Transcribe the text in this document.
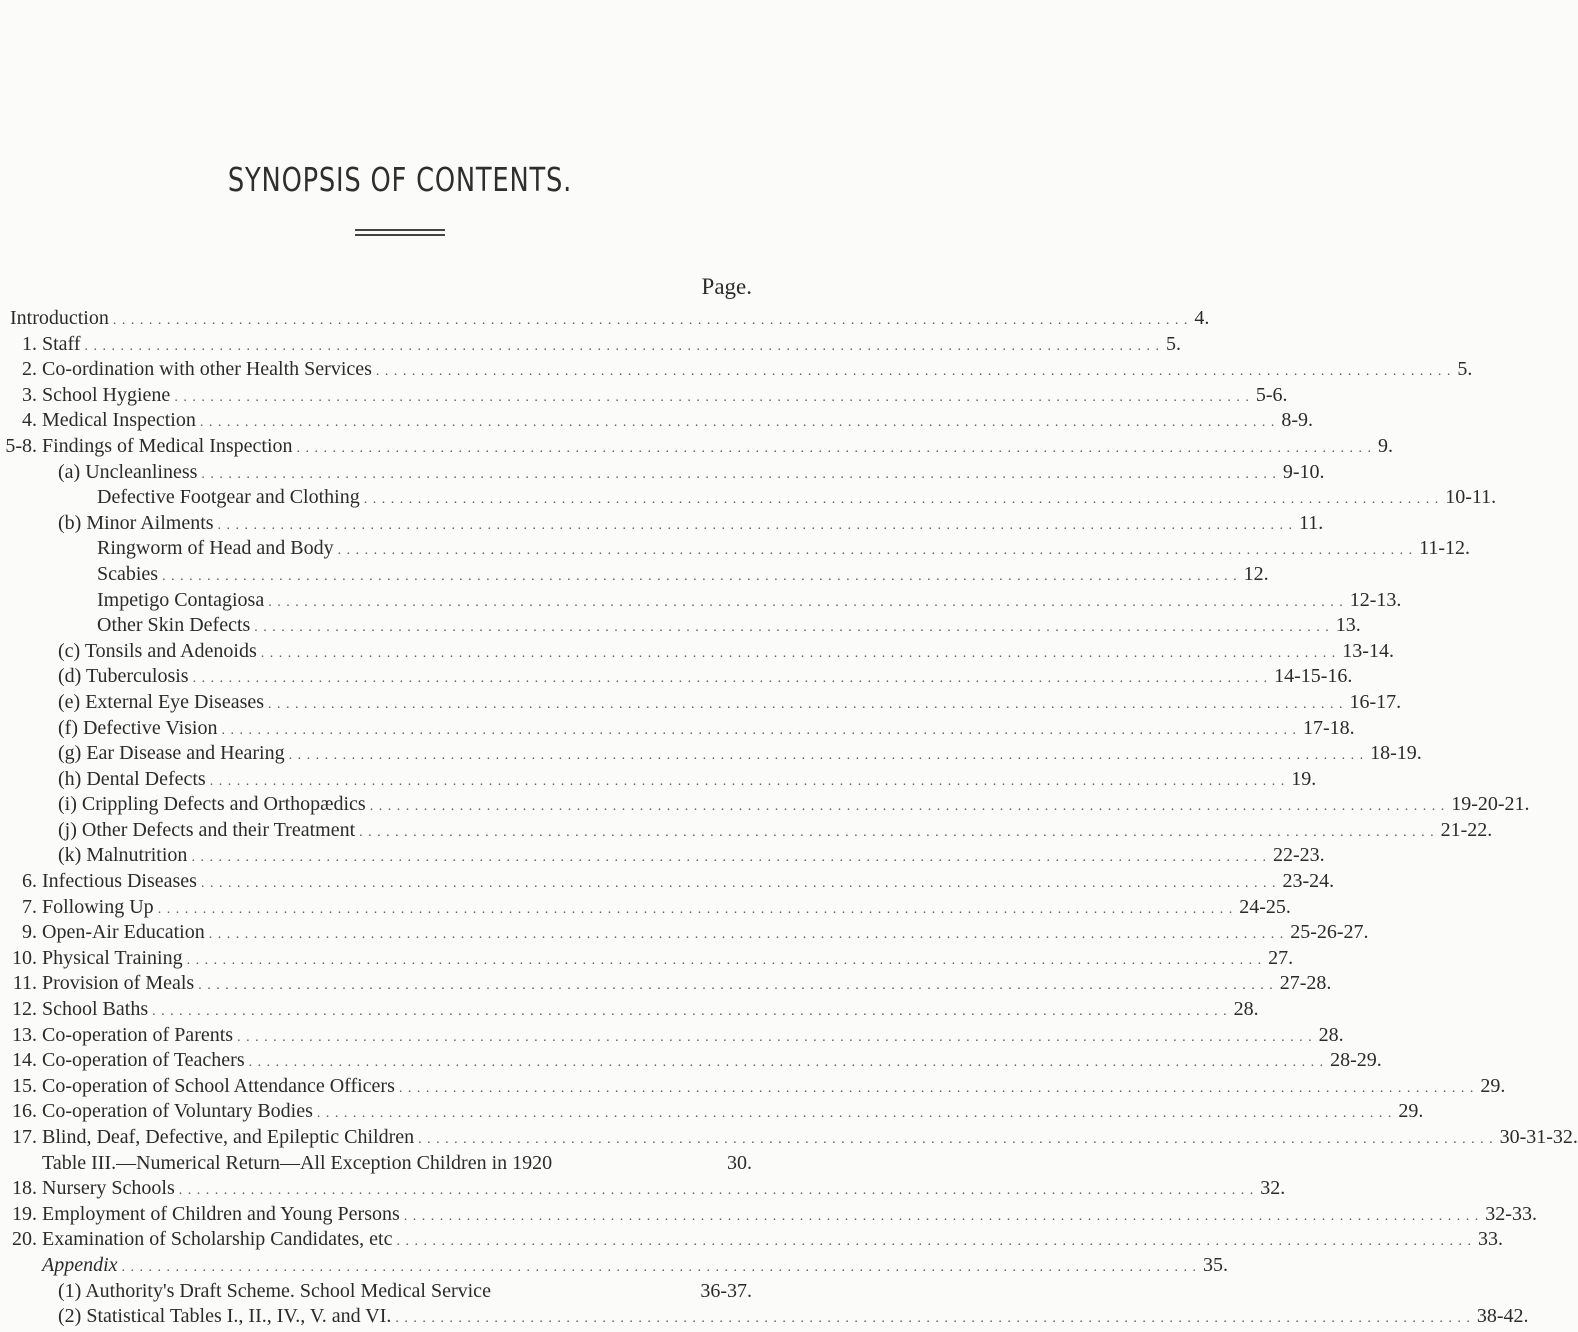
SYNOPSIS OF CONTENTS.
Page.
Introduction . . . . . . . . . . . . . . . . . . . . . . . . . . . . . . . . . . . . . . . . . . . . . . . . . . . . . . . . . . . . . . . . . . . . . . . . . . . . . . . . . . . . . . . . . . . . . . . . . . . . . . . . . . . . . . . . . . . . . . . . 4.
1. Staff . . . . . . . . . . . . . . . . . . . . . . . . . . . . . . . . . . . . . . . . . . . . . . . . . . . . . . . . . . . . . . . . . . . . . . . . . . . . . . . . . . . . . . . . . . . . . . . . . . . . . . . . . . . . . . . . . . . . . . . . 5.
2. Co-ordination with other Health Services . . . . . . . . . . . . . . . . . . . . . . . . . . . . . . . . . . . . . . . . . . . . . . . . . . . . . . . . . . . . . . . . . . . . . . . . . . . . . . . . . . . . . . . . . . . . . . . . . . . . . . . . . . . . . . . . . . . . . . . . 5.
3. School Hygiene . . . . . . . . . . . . . . . . . . . . . . . . . . . . . . . . . . . . . . . . . . . . . . . . . . . . . . . . . . . . . . . . . . . . . . . . . . . . . . . . . . . . . . . . . . . . . . . . . . . . . . . . . . . . . . . . . . . . . . . . 5-6.
4. Medical Inspection . . . . . . . . . . . . . . . . . . . . . . . . . . . . . . . . . . . . . . . . . . . . . . . . . . . . . . . . . . . . . . . . . . . . . . . . . . . . . . . . . . . . . . . . . . . . . . . . . . . . . . . . . . . . . . . . . . . . . . . . 8-9.
5-8. Findings of Medical Inspection . . . . . . . . . . . . . . . . . . . . . . . . . . . . . . . . . . . . . . . . . . . . . . . . . . . . . . . . . . . . . . . . . . . . . . . . . . . . . . . . . . . . . . . . . . . . . . . . . . . . . . . . . . . . . . . . . . . . . . . . 9.
(a) Uncleanliness . . . . . . . . . . . . . . . . . . . . . . . . . . . . . . . . . . . . . . . . . . . . . . . . . . . . . . . . . . . . . . . . . . . . . . . . . . . . . . . . . . . . . . . . . . . . . . . . . . . . . . . . . . . . . . . . . . . . . . . . 9-10.
Defective Footgear and Clothing . . . . . . . . . . . . . . . . . . . . . . . . . . . . . . . . . . . . . . . . . . . . . . . . . . . . . . . . . . . . . . . . . . . . . . . . . . . . . . . . . . . . . . . . . . . . . . . . . . . . . . . . . . . . . . . . . . . . . . . . 10-11.
(b) Minor Ailments . . . . . . . . . . . . . . . . . . . . . . . . . . . . . . . . . . . . . . . . . . . . . . . . . . . . . . . . . . . . . . . . . . . . . . . . . . . . . . . . . . . . . . . . . . . . . . . . . . . . . . . . . . . . . . . . . . . . . . . . 11.
Ringworm of Head and Body . . . . . . . . . . . . . . . . . . . . . . . . . . . . . . . . . . . . . . . . . . . . . . . . . . . . . . . . . . . . . . . . . . . . . . . . . . . . . . . . . . . . . . . . . . . . . . . . . . . . . . . . . . . . . . . . . . . . . . . . 11-12.
Scabies . . . . . . . . . . . . . . . . . . . . . . . . . . . . . . . . . . . . . . . . . . . . . . . . . . . . . . . . . . . . . . . . . . . . . . . . . . . . . . . . . . . . . . . . . . . . . . . . . . . . . . . . . . . . . . . . . . . . . . . . 12.
Impetigo Contagiosa . . . . . . . . . . . . . . . . . . . . . . . . . . . . . . . . . . . . . . . . . . . . . . . . . . . . . . . . . . . . . . . . . . . . . . . . . . . . . . . . . . . . . . . . . . . . . . . . . . . . . . . . . . . . . . . . . . . . . . . . 12-13.
Other Skin Defects . . . . . . . . . . . . . . . . . . . . . . . . . . . . . . . . . . . . . . . . . . . . . . . . . . . . . . . . . . . . . . . . . . . . . . . . . . . . . . . . . . . . . . . . . . . . . . . . . . . . . . . . . . . . . . . . . . . . . . . . 13.
(c) Tonsils and Adenoids . . . . . . . . . . . . . . . . . . . . . . . . . . . . . . . . . . . . . . . . . . . . . . . . . . . . . . . . . . . . . . . . . . . . . . . . . . . . . . . . . . . . . . . . . . . . . . . . . . . . . . . . . . . . . . . . . . . . . . . . 13-14.
(d) Tuberculosis . . . . . . . . . . . . . . . . . . . . . . . . . . . . . . . . . . . . . . . . . . . . . . . . . . . . . . . . . . . . . . . . . . . . . . . . . . . . . . . . . . . . . . . . . . . . . . . . . . . . . . . . . . . . . . . . . . . . . . . . 14-15-16.
(e) External Eye Diseases . . . . . . . . . . . . . . . . . . . . . . . . . . . . . . . . . . . . . . . . . . . . . . . . . . . . . . . . . . . . . . . . . . . . . . . . . . . . . . . . . . . . . . . . . . . . . . . . . . . . . . . . . . . . . . . . . . . . . . . . 16-17.
(f) Defective Vision . . . . . . . . . . . . . . . . . . . . . . . . . . . . . . . . . . . . . . . . . . . . . . . . . . . . . . . . . . . . . . . . . . . . . . . . . . . . . . . . . . . . . . . . . . . . . . . . . . . . . . . . . . . . . . . . . . . . . . . . 17-18.
(g) Ear Disease and Hearing . . . . . . . . . . . . . . . . . . . . . . . . . . . . . . . . . . . . . . . . . . . . . . . . . . . . . . . . . . . . . . . . . . . . . . . . . . . . . . . . . . . . . . . . . . . . . . . . . . . . . . . . . . . . . . . . . . . . . . . . 18-19.
(h) Dental Defects . . . . . . . . . . . . . . . . . . . . . . . . . . . . . . . . . . . . . . . . . . . . . . . . . . . . . . . . . . . . . . . . . . . . . . . . . . . . . . . . . . . . . . . . . . . . . . . . . . . . . . . . . . . . . . . . . . . . . . . . 19.
(i) Crippling Defects and Orthopædics . . . . . . . . . . . . . . . . . . . . . . . . . . . . . . . . . . . . . . . . . . . . . . . . . . . . . . . . . . . . . . . . . . . . . . . . . . . . . . . . . . . . . . . . . . . . . . . . . . . . . . . . . . . . . . . . . . . . . . . . 19-20-21.
(j) Other Defects and their Treatment . . . . . . . . . . . . . . . . . . . . . . . . . . . . . . . . . . . . . . . . . . . . . . . . . . . . . . . . . . . . . . . . . . . . . . . . . . . . . . . . . . . . . . . . . . . . . . . . . . . . . . . . . . . . . . . . . . . . . . . . 21-22.
(k) Malnutrition . . . . . . . . . . . . . . . . . . . . . . . . . . . . . . . . . . . . . . . . . . . . . . . . . . . . . . . . . . . . . . . . . . . . . . . . . . . . . . . . . . . . . . . . . . . . . . . . . . . . . . . . . . . . . . . . . . . . . . . . 22-23.
6. Infectious Diseases . . . . . . . . . . . . . . . . . . . . . . . . . . . . . . . . . . . . . . . . . . . . . . . . . . . . . . . . . . . . . . . . . . . . . . . . . . . . . . . . . . . . . . . . . . . . . . . . . . . . . . . . . . . . . . . . . . . . . . . . 23-24.
7. Following Up . . . . . . . . . . . . . . . . . . . . . . . . . . . . . . . . . . . . . . . . . . . . . . . . . . . . . . . . . . . . . . . . . . . . . . . . . . . . . . . . . . . . . . . . . . . . . . . . . . . . . . . . . . . . . . . . . . . . . . . . 24-25.
9. Open-Air Education . . . . . . . . . . . . . . . . . . . . . . . . . . . . . . . . . . . . . . . . . . . . . . . . . . . . . . . . . . . . . . . . . . . . . . . . . . . . . . . . . . . . . . . . . . . . . . . . . . . . . . . . . . . . . . . . . . . . . . . . 25-26-27.
10. Physical Training . . . . . . . . . . . . . . . . . . . . . . . . . . . . . . . . . . . . . . . . . . . . . . . . . . . . . . . . . . . . . . . . . . . . . . . . . . . . . . . . . . . . . . . . . . . . . . . . . . . . . . . . . . . . . . . . . . . . . . . . 27.
11. Provision of Meals . . . . . . . . . . . . . . . . . . . . . . . . . . . . . . . . . . . . . . . . . . . . . . . . . . . . . . . . . . . . . . . . . . . . . . . . . . . . . . . . . . . . . . . . . . . . . . . . . . . . . . . . . . . . . . . . . . . . . . . . 27-28.
12. School Baths . . . . . . . . . . . . . . . . . . . . . . . . . . . . . . . . . . . . . . . . . . . . . . . . . . . . . . . . . . . . . . . . . . . . . . . . . . . . . . . . . . . . . . . . . . . . . . . . . . . . . . . . . . . . . . . . . . . . . . . . 28.
13. Co-operation of Parents . . . . . . . . . . . . . . . . . . . . . . . . . . . . . . . . . . . . . . . . . . . . . . . . . . . . . . . . . . . . . . . . . . . . . . . . . . . . . . . . . . . . . . . . . . . . . . . . . . . . . . . . . . . . . . . . . . . . . . . . 28.
14. Co-operation of Teachers . . . . . . . . . . . . . . . . . . . . . . . . . . . . . . . . . . . . . . . . . . . . . . . . . . . . . . . . . . . . . . . . . . . . . . . . . . . . . . . . . . . . . . . . . . . . . . . . . . . . . . . . . . . . . . . . . . . . . . . . 28-29.
15. Co-operation of School Attendance Officers . . . . . . . . . . . . . . . . . . . . . . . . . . . . . . . . . . . . . . . . . . . . . . . . . . . . . . . . . . . . . . . . . . . . . . . . . . . . . . . . . . . . . . . . . . . . . . . . . . . . . . . . . . . . . . . . . . . . . . . . 29.
16. Co-operation of Voluntary Bodies . . . . . . . . . . . . . . . . . . . . . . . . . . . . . . . . . . . . . . . . . . . . . . . . . . . . . . . . . . . . . . . . . . . . . . . . . . . . . . . . . . . . . . . . . . . . . . . . . . . . . . . . . . . . . . . . . . . . . . . . 29.
17. Blind, Deaf, Defective, and Epileptic Children . . . . . . . . . . . . . . . . . . . . . . . . . . . . . . . . . . . . . . . . . . . . . . . . . . . . . . . . . . . . . . . . . . . . . . . . . . . . . . . . . . . . . . . . . . . . . . . . . . . . . . . . . . . . . . . . . . . . . . . . 30-31-32.
Table III.—Numerical Return—All Exception Children in 1920	30.
18. Nursery Schools . . . . . . . . . . . . . . . . . . . . . . . . . . . . . . . . . . . . . . . . . . . . . . . . . . . . . . . . . . . . . . . . . . . . . . . . . . . . . . . . . . . . . . . . . . . . . . . . . . . . . . . . . . . . . . . . . . . . . . . . 32.
19. Employment of Children and Young Persons . . . . . . . . . . . . . . . . . . . . . . . . . . . . . . . . . . . . . . . . . . . . . . . . . . . . . . . . . . . . . . . . . . . . . . . . . . . . . . . . . . . . . . . . . . . . . . . . . . . . . . . . . . . . . . . . . . . . . . . . 32-33.
20. Examination of Scholarship Candidates, etc . . . . . . . . . . . . . . . . . . . . . . . . . . . . . . . . . . . . . . . . . . . . . . . . . . . . . . . . . . . . . . . . . . . . . . . . . . . . . . . . . . . . . . . . . . . . . . . . . . . . . . . . . . . . . . . . . . . . . . . . 33.
Appendix . . . . . . . . . . . . . . . . . . . . . . . . . . . . . . . . . . . . . . . . . . . . . . . . . . . . . . . . . . . . . . . . . . . . . . . . . . . . . . . . . . . . . . . . . . . . . . . . . . . . . . . . . . . . . . . . . . . . . . . . 35.
(1) Authority's Draft Scheme. School Medical Service	36-37.
(2) Statistical Tables I., II., IV., V. and VI. . . . . . . . . . . . . . . . . . . . . . . . . . . . . . . . . . . . . . . . . . . . . . . . . . . . . . . . . . . . . . . . . . . . . . . . . . . . . . . . . . . . . . . . . . . . . . . . . . . . . . . . . . . . . . . . . . . . . . . . . 38-42.
